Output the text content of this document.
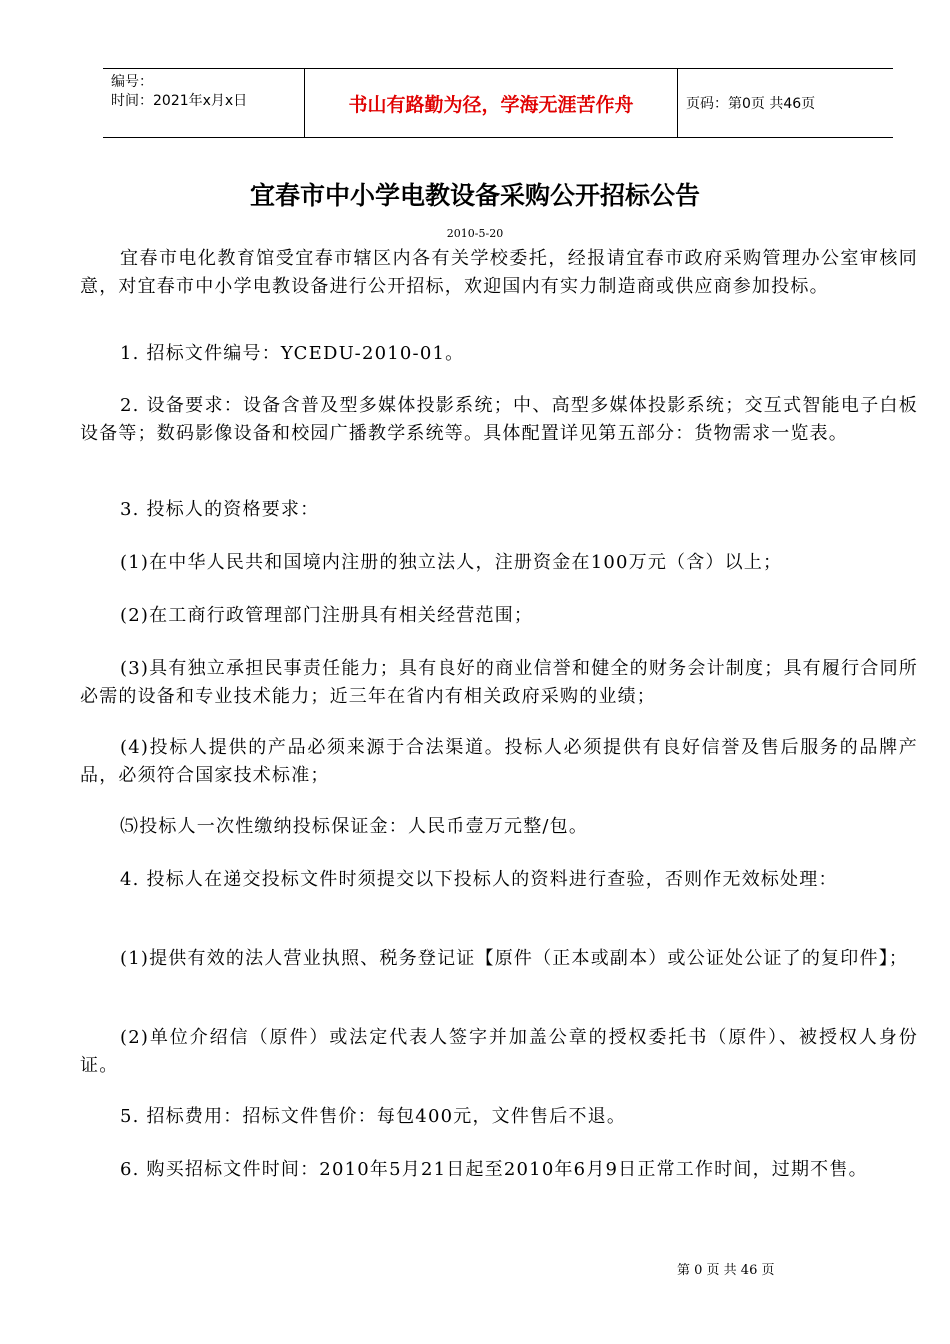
编号：
时间：2021年x月x日	书山有路勤为径，学海无涯苦作舟	页码：第0页 共46页
宜春市中小学电教设备采购公开招标公告
2010-5-20
宜春市电化教育馆受宜春市辖区内各有关学校委托，经报请宜春市政府采购管理办公室审核同意，对宜春市中小学电教设备进行公开招标，欢迎国内有实力制造商或供应商参加投标。
1. 招标文件编号：YCEDU-2010-01。
2. 设备要求：设备含普及型多媒体投影系统；中、高型多媒体投影系统；交互式智能电子白板设备等；数码影像设备和校园广播教学系统等。具体配置详见第五部分：货物需求一览表。
3. 投标人的资格要求：
(1)在中华人民共和国境内注册的独立法人，注册资金在100万元（含）以上；
(2)在工商行政管理部门注册具有相关经营范围；
(3)具有独立承担民事责任能力；具有良好的商业信誉和健全的财务会计制度；具有履行合同所必需的设备和专业技术能力；近三年在省内有相关政府采购的业绩；
(4)投标人提供的产品必须来源于合法渠道。投标人必须提供有良好信誉及售后服务的品牌产品，必须符合国家技术标准；
⑸投标人一次性缴纳投标保证金：人民币壹万元整/包。
4. 投标人在递交投标文件时须提交以下投标人的资料进行查验，否则作无效标处理：
(1)提供有效的法人营业执照、税务登记证【原件（正本或副本）或公证处公证了的复印件】；
(2)单位介绍信（原件）或法定代表人签字并加盖公章的授权委托书（原件）、被授权人身份证。
5. 招标费用：招标文件售价：每包400元，文件售后不退。
6. 购买招标文件时间：2010年5月21日起至2010年6月9日正常工作时间，过期不售。
第 0 页 共 46 页
